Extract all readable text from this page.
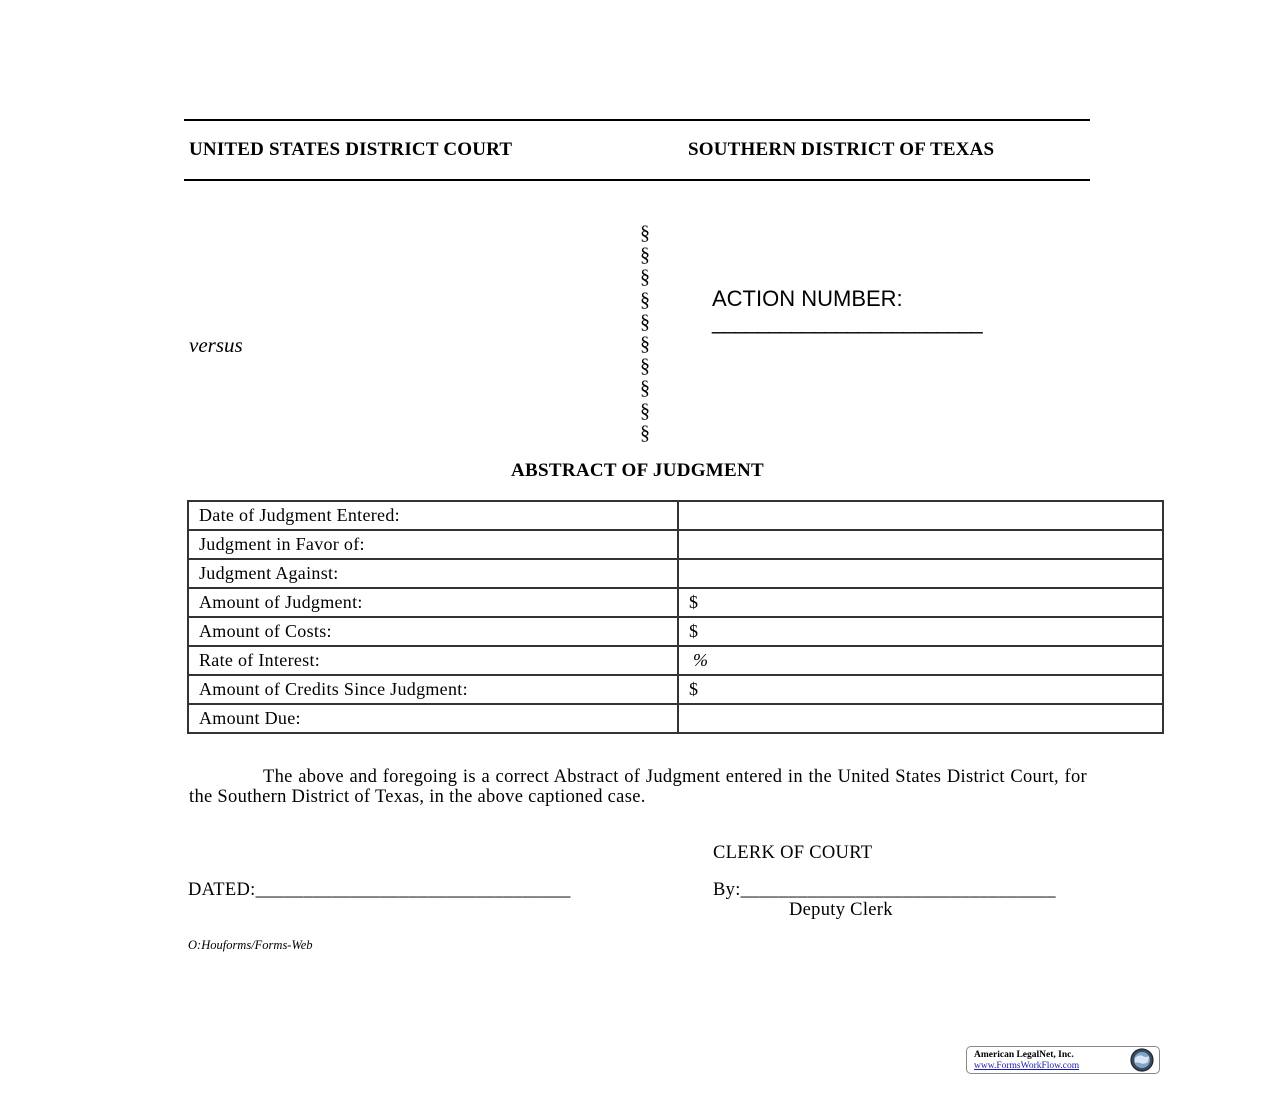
UNITED STATES DISTRICT COURT	SOUTHERN DISTRICT OF TEXAS
§
§
§
§
§
§
§
§
§
§
ACTION NUMBER:
________________________
versus
ABSTRACT OF JUDGMENT
Date of Judgment Entered:	
Judgment in Favor of:	
Judgment Against:	
Amount of Judgment:	$
Amount of Costs:	$
Rate of Interest:	%
Amount of Credits Since Judgment:	$
Amount Due:	
The above and foregoing is a correct Abstract of Judgment entered in the United States District Court, for the Southern District of Texas, in the above captioned case.
CLERK OF COURT
DATED:_________________________________	By:_________________________________
Deputy Clerk
O:Houforms/Forms-Web
American LegalNet, Inc.
www.FormsWorkFlow.com
